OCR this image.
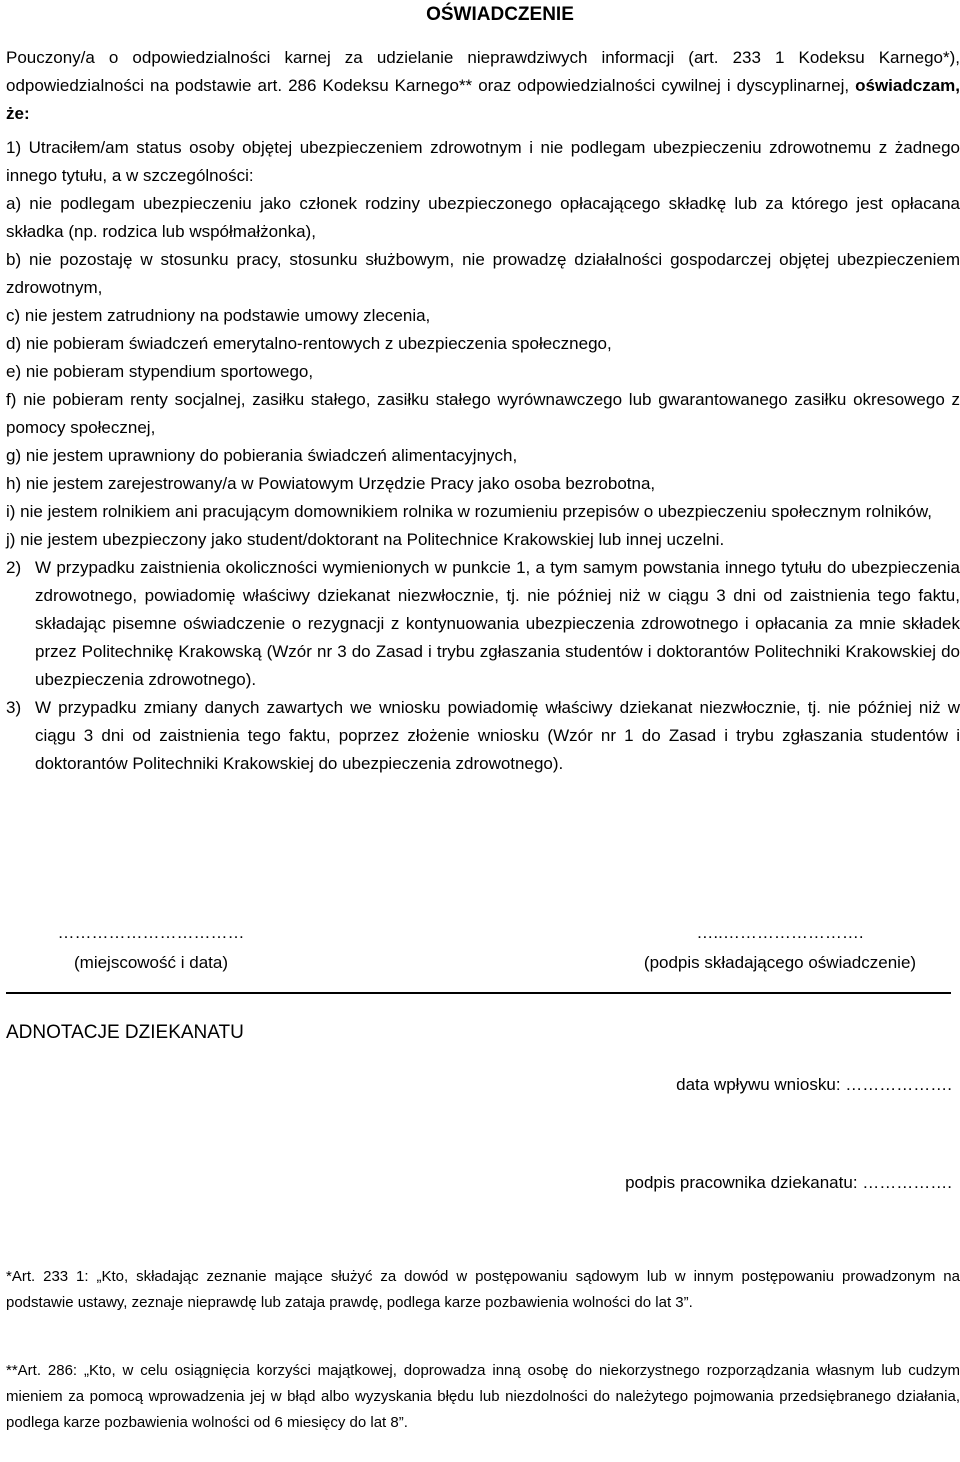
OŚWIADCZENIE
Pouczony/a o odpowiedzialności karnej za udzielanie nieprawdziwych informacji (art. 233 1 Kodeksu Karnego*), odpowiedzialności na podstawie art. 286 Kodeksu Karnego** oraz odpowiedzialności cywilnej i dyscyplinarnej, oświadczam, że:

1) Utraciłem/am status osoby objętej ubezpieczeniem zdrowotnym i nie podlegam ubezpieczeniu zdrowotnemu z żadnego innego tytułu, a w szczególności:

a) nie podlegam ubezpieczeniu jako członek rodziny ubezpieczonego opłacającego składkę lub za którego jest opłacana składka (np. rodzica lub współmałżonka),

b) nie pozostaję w stosunku pracy, stosunku służbowym, nie prowadzę działalności gospodarczej objętej ubezpieczeniem zdrowotnym,

c) nie jestem zatrudniony na podstawie umowy zlecenia,

d) nie pobieram świadczeń emerytalno-rentowych z ubezpieczenia społecznego,

e) nie pobieram stypendium sportowego,

f) nie pobieram renty socjalnej, zasiłku stałego, zasiłku stałego wyrównawczego lub gwarantowanego zasiłku okresowego z pomocy społecznej,

g) nie jestem uprawniony do pobierania świadczeń alimentacyjnych,

h) nie jestem zarejestrowany/a w Powiatowym Urzędzie Pracy jako osoba bezrobotna,

i) nie jestem rolnikiem ani pracującym domownikiem rolnika w rozumieniu przepisów o ubezpieczeniu społecznym rolników,

j) nie jestem ubezpieczony jako student/doktorant na Politechnice Krakowskiej lub innej uczelni.

2) W przypadku zaistnienia okoliczności wymienionych w punkcie 1, a tym samym powstania innego tytułu do ubezpieczenia zdrowotnego, powiadomię właściwy dziekanat niezwłocznie, tj. nie później niż w ciągu 3 dni od zaistnienia tego faktu, składając pisemne oświadczenie o rezygnacji z kontynuowania ubezpieczenia zdrowotnego i opłacania za mnie składek przez Politechnikę Krakowską (Wzór nr 3 do Zasad i trybu zgłaszania studentów i doktorantów Politechniki Krakowskiej do ubezpieczenia zdrowotnego).
3) W przypadku zmiany danych zawartych we wniosku powiadomię właściwy dziekanat niezwłocznie, tj. nie później niż w ciągu 3 dni od zaistnienia tego faktu, poprzez złożenie wniosku (Wzór nr 1 do Zasad i trybu zgłaszania studentów i doktorantów Politechniki Krakowskiej do ubezpieczenia zdrowotnego).
……………………………
(miejscowość i data)
…..…………………….
(podpis składającego oświadczenie)
ADNOTACJE DZIEKANATU
data wpływu wniosku: ……………….
podpis pracownika dziekanatu: …………….
*Art. 233 1: „Kto, składając zeznanie mające służyć za dowód w postępowaniu sądowym lub w innym postępowaniu prowadzonym na podstawie ustawy, zeznaje nieprawdę lub zataja prawdę, podlega karze pozbawienia wolności do lat 3”.
**Art. 286: „Kto, w celu osiągnięcia korzyści majątkowej, doprowadza inną osobę do niekorzystnego rozporządzania własnym lub cudzym mieniem za pomocą wprowadzenia jej w błąd albo wyzyskania błędu lub niezdolności do należytego pojmowania przedsiębranego działania, podlega karze pozbawienia wolności od 6 miesięcy do lat 8”.
